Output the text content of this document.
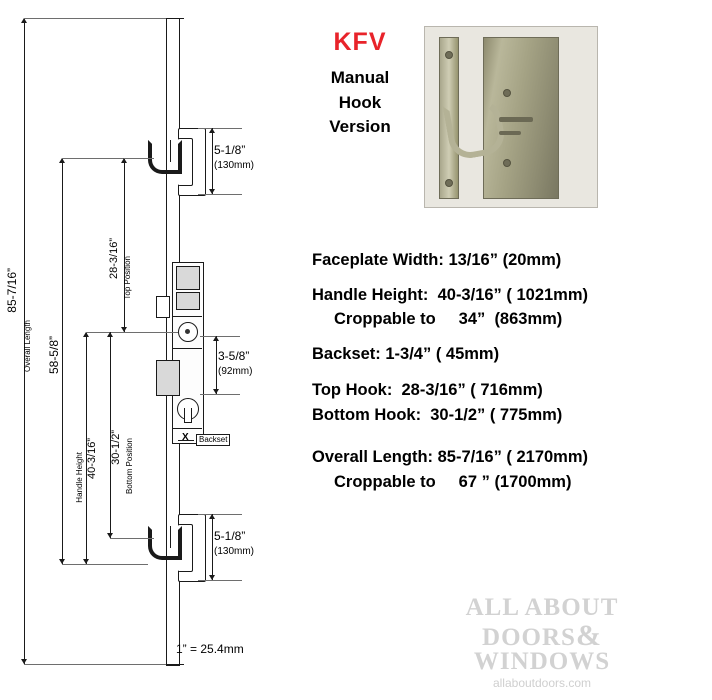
85-7/16”
Overall Length 58-5/8”
Handle Height 40-3/16” 30-1/2” Bottom Position
28-3/16” Top Position
5-1/8”
(130mm)
5-1/8”
(130mm)
3-5/8”
(92mm)
X	Backset
1” = 25.4mm
KFV
Manual
Hook
Version

Faceplate Width: 13/16” (20mm)

Handle Height:  40-3/16” ( 1021mm)

Croppable to     34”  (863mm)

Backset: 1-3/4” ( 45mm)

Top Hook:  28-3/16” ( 716mm)

Bottom Hook:  30-1/2” ( 775mm)

Overall Length: 85-7/16” ( 2170mm)

Croppable to     67 ” (1700mm)

ALL ABOUT
DOORS&
WINDOWS
allaboutdoors.com
